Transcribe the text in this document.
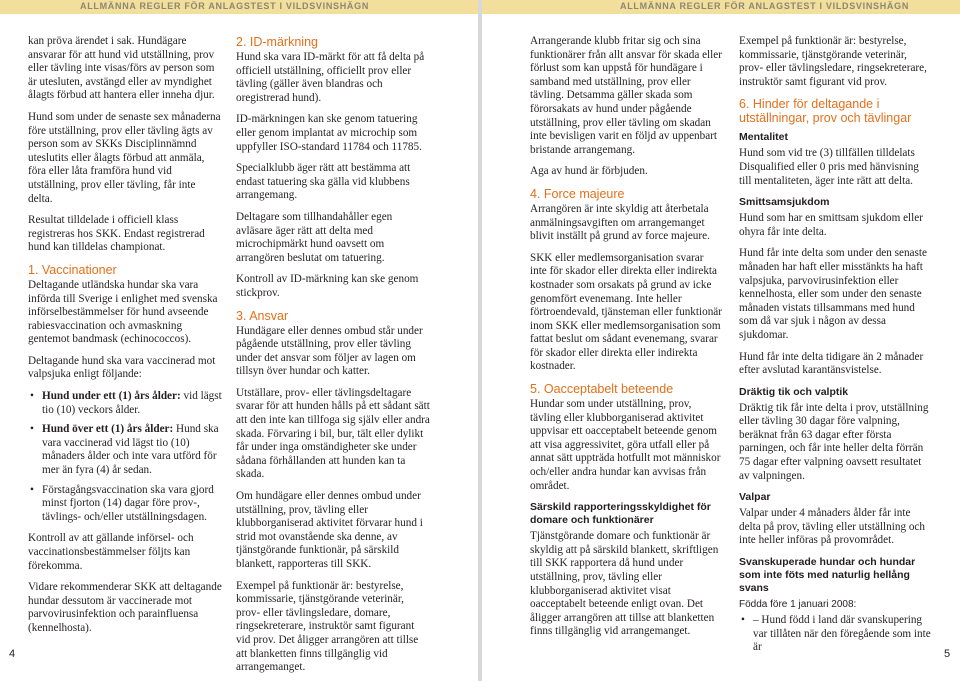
ALLMÄNNA REGLER FÖR ANLAGSTEST I VILDSVINSHÄGN	ALLMÄNNA REGLER FÖR ANLAGSTEST I VILDSVINSHÄGN

kan pröva ärendet i sak. Hundägare ansvarar för att hund vid utställning, prov eller tävling inte visas/förs av person som är utesluten, avstängd eller av myndighet ålagts förbud att hantera eller inneha djur.

Hund som under de senaste sex månaderna före utställning, prov eller tävling ägts av person som av SKKs Disciplinnämnd uteslutits eller ålagts förbud att anmäla, föra eller låta framföra hund vid utställning, prov eller tävling, får inte delta.

Resultat tilldelade i officiell klass registreras hos SKK. Endast registrerad hund kan tilldelas championat.

1. Vaccinationer

Deltagande utländska hundar ska vara införda till Sverige i enlighet med svenska införselbestämmelser för hund avseende rabiesvaccination och avmaskning gentemot bandmask (echinococcos).

Deltagande hund ska vara vaccinerad mot valpsjuka enligt följande:

• Hund under ett (1) års ålder: vid lägst tio (10) veckors ålder.
• Hund över ett (1) års ålder: Hund ska vara vaccinerad vid lägst tio (10) månaders ålder och inte vara utförd för mer än fyra (4) år sedan.
• Förstagångsvaccination ska vara gjord minst fjorton (14) dagar före prov-, tävlings- och/eller utställningsdagen.

Kontroll av att gällande införsel- och vaccinationsbestämmelser följts kan förekomma.

Vidare rekommenderar SKK att deltagande hundar dessutom är vaccinerade mot parvovirusinfektion och parainfluensa (kennelhosta).

2. ID-märkning

Hund ska vara ID-märkt för att få delta på officiell utställning, officiellt prov eller tävling (gäller även blandras och oregistrerad hund).

ID-märkningen kan ske genom tatuering eller genom implantat av microchip som uppfyller ISO-standard 11784 och 11785.

Specialklubb äger rätt att bestämma att endast tatuering ska gälla vid klubbens arrangemang.

Deltagare som tillhandahåller egen avläsare äger rätt att delta med microchipmärkt hund oavsett om arrangören beslutat om tatuering.

Kontroll av ID-märkning kan ske genom stickprov.

3. Ansvar

Hundägare eller dennes ombud står under pågående utställning, prov eller tävling under det ansvar som följer av lagen om tillsyn över hundar och katter.

Utställare, prov- eller tävlingsdeltagare svarar för att hunden hålls på ett sådant sätt att den inte kan tillfoga sig själv eller andra skada. Förvaring i bil, bur, tält eller dylikt får under inga omständigheter ske under sådana förhållanden att hunden kan ta skada.

Om hundägare eller dennes ombud under utställning, prov, tävling eller klubborganiserad aktivitet förvarar hund i strid mot ovanstående ska denne, av tjänstgörande funktionär, på särskild blankett, rapporteras till SKK.

Exempel på funktionär är: bestyrelse, kommissarie, tjänstgörande veterinär, prov- eller tävlingsledare, domare, ringsekreterare, instruktör samt figurant vid prov. Det åligger arrangören att tillse att blanketten finns tillgänglig vid arrangemanget.

Arrangerande klubb fritar sig och sina funktionärer från allt ansvar för skada eller förlust som kan uppstå för hundägare i samband med utställning, prov eller tävling. Detsamma gäller skada som förorsakats av hund under pågående utställning, prov eller tävling om skadan inte bevisligen varit en följd av uppenbart bristande arrangemang.

Aga av hund är förbjuden.

4. Force majeure

Arrangören är inte skyldig att återbetala anmälningsavgiften om arrangemanget blivit inställt på grund av force majeure.

SKK eller medlemsorganisation svarar inte för skador eller direkta eller indirekta kostnader som orsakats på grund av icke genomfört evenemang. Inte heller förtroendevald, tjänsteman eller funktionär inom SKK eller medlemsorganisation som fattat beslut om sådant evenemang, svarar för skador eller direkta eller indirekta kostnader.

5. Oacceptabelt beteende

Hundar som under utställning, prov, tävling eller klubborganiserad aktivitet uppvisar ett oacceptabelt beteende genom att visa aggressivitet, göra utfall eller på annat sätt uppträda hotfullt mot människor och/eller andra hundar kan avvisas från området.

Särskild rapporteringsskyldighet för domare och funktionärer

Tjänstgörande domare och funktionär är skyldig att på särskild blankett, skriftligen till SKK rapportera då hund under utställning, prov, tävling eller klubborganiserad aktivitet visat oacceptabelt beteende enligt ovan. Det åligger arrangören att tillse att blanketten finns tillgänglig vid arrangemanget.

Exempel på funktionär är: bestyrelse, kommissarie, tjänstgörande veterinär, prov- eller tävlingsledare, ringsekreterare, instruktör samt figurant vid prov.

6. Hinder för deltagande i utställningar, prov och tävlingar
Mentalitet

Hund som vid tre (3) tillfällen tilldelats Disqualified eller 0 pris med hänvisning till mentaliteten, äger inte rätt att delta.

Smittsamsjukdom

Hund som har en smittsam sjukdom eller ohyra får inte delta.

Hund får inte delta som under den senaste månaden har haft eller misstänkts ha haft valpsjuka, parvovirusinfektion eller kennelhosta, eller som under den senaste månaden vistats tillsammans med hund som då var sjuk i någon av dessa sjukdomar.

Hund får inte delta tidigare än 2 månader efter avslutad karantänsvistelse.

Dräktig tik och valptik

Dräktig tik får inte delta i prov, utställning eller tävling 30 dagar före valpning, beräknat från 63 dagar efter första parningen, och får inte heller delta förrän 75 dagar efter valpning oavsett resultatet av valpningen.

Valpar

Valpar under 4 månaders ålder får inte delta på prov, tävling eller utställning och inte heller införas på provområdet.

Svanskuperade hundar och hundar som inte föts med naturlig hellång svans
Födda före 1 januari 2008:
• – Hund född i land där svanskupering var tillåten när den föregående som inte är
4	5
